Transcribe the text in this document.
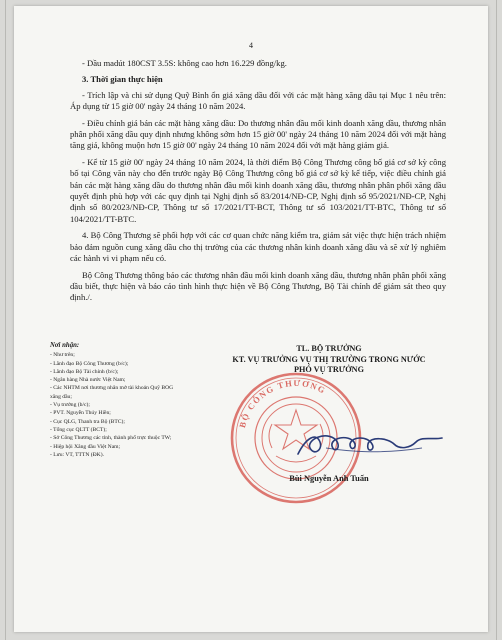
4

- Dầu madút 180CST 3.5S: không cao hơn 16.229 đồng/kg.

3. Thời gian thực hiện

- Trích lập và chi sử dụng Quỹ Bình ổn giá xăng dầu đối với các mặt hàng xăng dầu tại Mục 1 nêu trên: Áp dụng từ 15 giờ 00' ngày 24 tháng 10 năm 2024.

- Điều chỉnh giá bán các mặt hàng xăng dầu: Do thương nhân đầu mối kinh doanh xăng dầu, thương nhân phân phối xăng dầu quy định nhưng không sớm hơn 15 giờ 00' ngày 24 tháng 10 năm 2024 đối với mặt hàng tăng giá, không muộn hơn 15 giờ 00' ngày 24 tháng 10 năm 2024 đối với mặt hàng giảm giá.

- Kể từ 15 giờ 00' ngày 24 tháng 10 năm 2024, là thời điểm Bộ Công Thương công bố giá cơ sở kỳ công bố tại Công văn này cho đến trước ngày Bộ Công Thương công bố giá cơ sở kỳ kế tiếp, việc điều chỉnh giá bán các mặt hàng xăng dầu do thương nhân đầu mối kinh doanh xăng dầu, thương nhân phân phối xăng dầu quyết định phù hợp với các quy định tại Nghị định số 83/2014/NĐ-CP, Nghị định số 95/2021/NĐ-CP, Nghị định số 80/2023/NĐ-CP, Thông tư số 17/2021/TT-BCT, Thông tư số 103/2021/TT-BTC, Thông tư số 104/2021/TT-BTC.

4. Bộ Công Thương sẽ phối hợp với các cơ quan chức năng kiểm tra, giám sát việc thực hiện trách nhiệm bảo đảm nguồn cung xăng dầu cho thị trường của các thương nhân kinh doanh xăng dầu và sẽ xử lý nghiêm các hành vi vi phạm nếu có.

Bộ Công Thương thông báo các thương nhân đầu mối kinh doanh xăng dầu, thương nhân phân phối xăng dầu biết, thực hiện và báo cáo tình hình thực hiện về Bộ Công Thương, Bộ Tài chính để giám sát theo quy định./.

Nơi nhận:
- Như trên;
- Lãnh đạo Bộ Công Thương (b/c);
- Lãnh đạo Bộ Tài chính (b/c);
- Ngân hàng Nhà nước Việt Nam;
- Các NHTM nơi thương nhân mở tài khoản Quỹ BOG xăng dầu;
- Vụ trưởng (b/c);
- PVT. Nguyễn Thúy Hiền;
- Cục QLG, Thanh tra Bộ (BTC);
- Tổng cục QLTT (BCT);
- Sở Công Thương các tỉnh, thành phố trực thuộc TW;
- Hiệp hội Xăng dầu Việt Nam;
- Lưu: VT, TTTN (ĐK).
TL. BỘ TRƯỞNG
KT. VỤ TRƯỞNG VỤ THỊ TRƯỜNG TRONG NƯỚC
PHÓ VỤ TRƯỞNG
BỘ CÔNG THƯƠNG
Bùi Nguyễn Anh Tuấn
